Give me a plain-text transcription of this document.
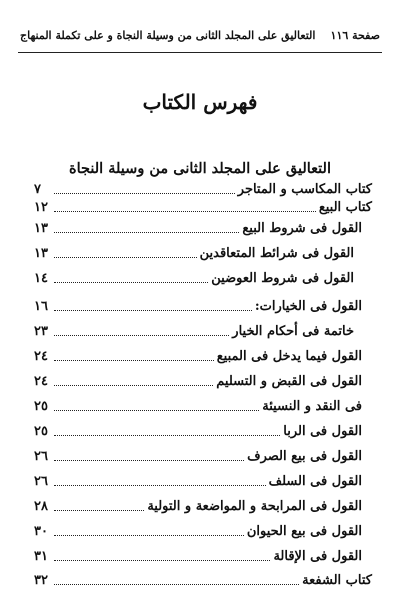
صفحة ١١٦
التعاليق على المجلد الثانى من وسيلة النجاة و على تكملة المنهاج
فهرس الكتاب
التعاليق على المجلد الثانى من وسيلة النجاة
كتاب المكاسب و المتاجر
٧
كتاب البيع
١٢
القول فى شروط البيع
١٣
القول فى شرائط المتعاقدين
١٣
القول فى شروط العوضين
١٤
القول فى الخيارات:
١٦
خاتمة فى أحكام الخيار
٢٣
القول فيما يدخل فى المبيع
٢٤
القول فى القبض و التسليم
٢٤
فى النقد و النسيئة
٢٥
القول فى الربا
٢٥
القول فى بيع الصرف
٢٦
القول فى السلف
٢٦
القول فى المرابحة و المواضعة و التولية
٢٨
القول فى بيع الحيوان
٣٠
القول فى الإقالة
٣١
كتاب الشفعة
٣٢
